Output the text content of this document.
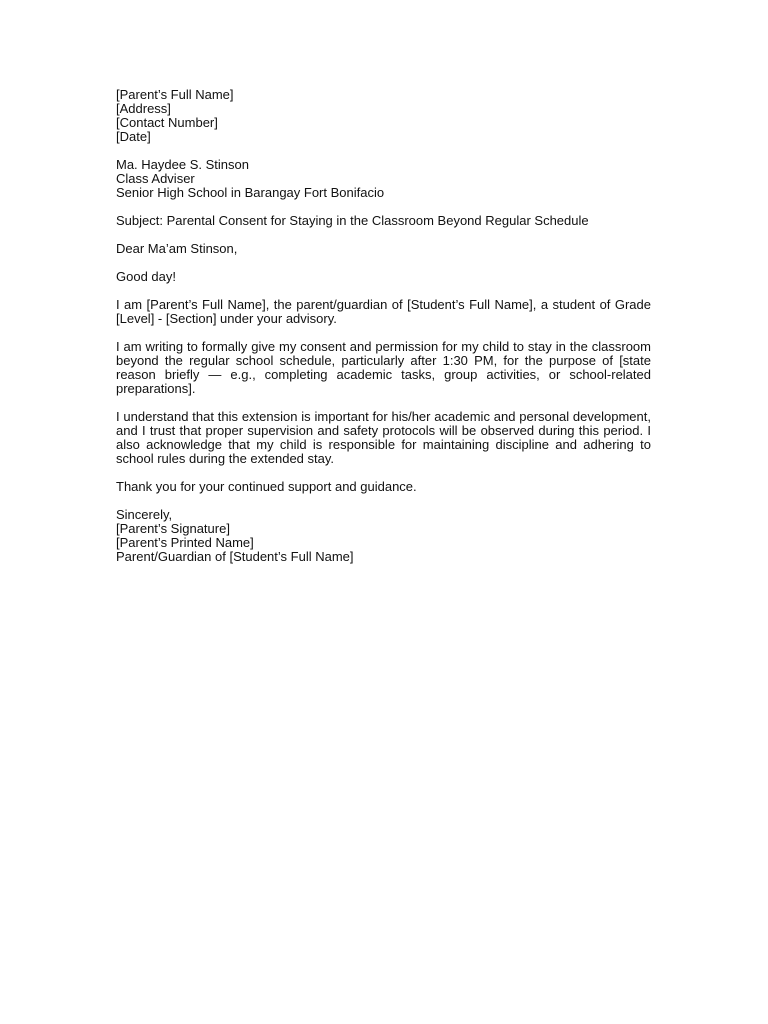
[Parent’s Full Name]
[Address]
[Contact Number]
[Date]
Ma. Haydee S. Stinson
Class Adviser
Senior High School in Barangay Fort Bonifacio

Subject: Parental Consent for Staying in the Classroom Beyond Regular Schedule

Dear Ma’am Stinson,

Good day!

I am [Parent’s Full Name], the parent/guardian of [Student’s Full Name], a student of Grade [Level] - [Section] under your advisory.

I am writing to formally give my consent and permission for my child to stay in the classroom beyond the regular school schedule, particularly after 1:30 PM, for the purpose of [state reason briefly — e.g., completing academic tasks, group activities, or school-related preparations].

I understand that this extension is important for his/her academic and personal development, and I trust that proper supervision and safety protocols will be observed during this period. I also acknowledge that my child is responsible for maintaining discipline and adhering to school rules during the extended stay.

Thank you for your continued support and guidance.

Sincerely,
[Parent’s Signature]
[Parent’s Printed Name]
Parent/Guardian of [Student’s Full Name]
